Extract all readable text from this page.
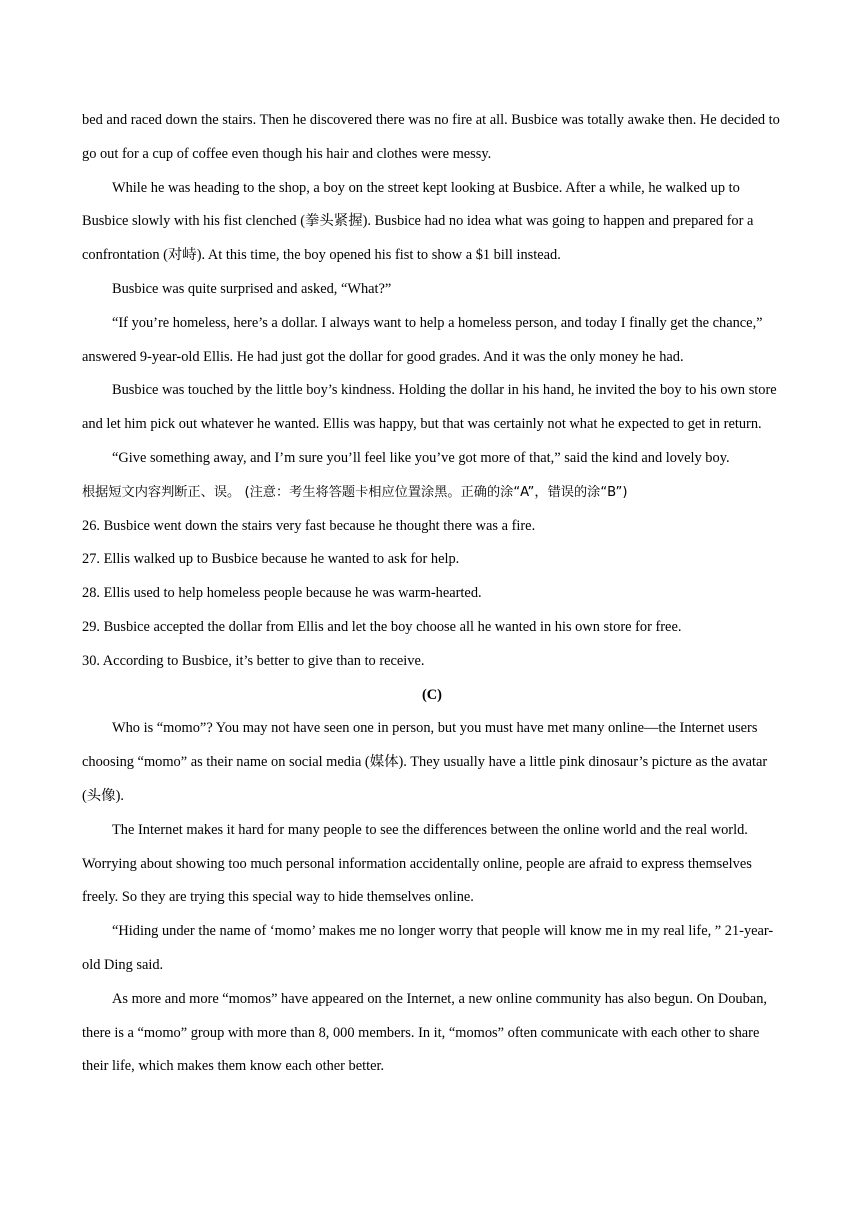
bed and raced down the stairs. Then he discovered there was no fire at all. Busbice was totally awake then. He decided to go out for a cup of coffee even though his hair and clothes were messy.

While he was heading to the shop, a boy on the street kept looking at Busbice. After a while, he walked up to Busbice slowly with his fist clenched (拳头紧握). Busbice had no idea what was going to happen and prepared for a confrontation (对峙). At this time, the boy opened his fist to show a $1 bill instead.

Busbice was quite surprised and asked, “What?”

“If you’re homeless, here’s a dollar. I always want to help a homeless person, and today I finally get the chance,” answered 9-year-old Ellis. He had just got the dollar for good grades. And it was the only money he had.

Busbice was touched by the little boy’s kindness. Holding the dollar in his hand, he invited the boy to his own store and let him pick out whatever he wanted. Ellis was happy, but that was certainly not what he expected to get in return.

“Give something away, and I’m sure you’ll feel like you’ve got more of that,” said the kind and lovely boy.

根据短文内容判断正、误。 (注意：考生将答题卡相应位置涂黑。正确的涂“A”，错误的涂“B”)

26. Busbice went down the stairs very fast because he thought there was a fire.

27. Ellis walked up to Busbice because he wanted to ask for help.

28. Ellis used to help homeless people because he was warm-hearted.

29. Busbice accepted the dollar from Ellis and let the boy choose all he wanted in his own store for free.

30. According to Busbice, it’s better to give than to receive.

(C)

Who is “momo”? You may not have seen one in person, but you must have met many online—the Internet users choosing “momo” as their name on social media (媒体). They usually have a little pink dinosaur’s picture as the avatar (头像).

The Internet makes it hard for many people to see the differences between the online world and the real world. Worrying about showing too much personal information accidentally online, people are afraid to express themselves freely. So they are trying this special way to hide themselves online.

“Hiding under the name of ‘momo’ makes me no longer worry that people will know me in my real life, ” 21-year-old Ding said.

As more and more “momos” have appeared on the Internet, a new online community has also begun. On Douban, there is a “momo” group with more than 8, 000 members. In it, “momos” often communicate with each other to share their life, which makes them know each other better.
